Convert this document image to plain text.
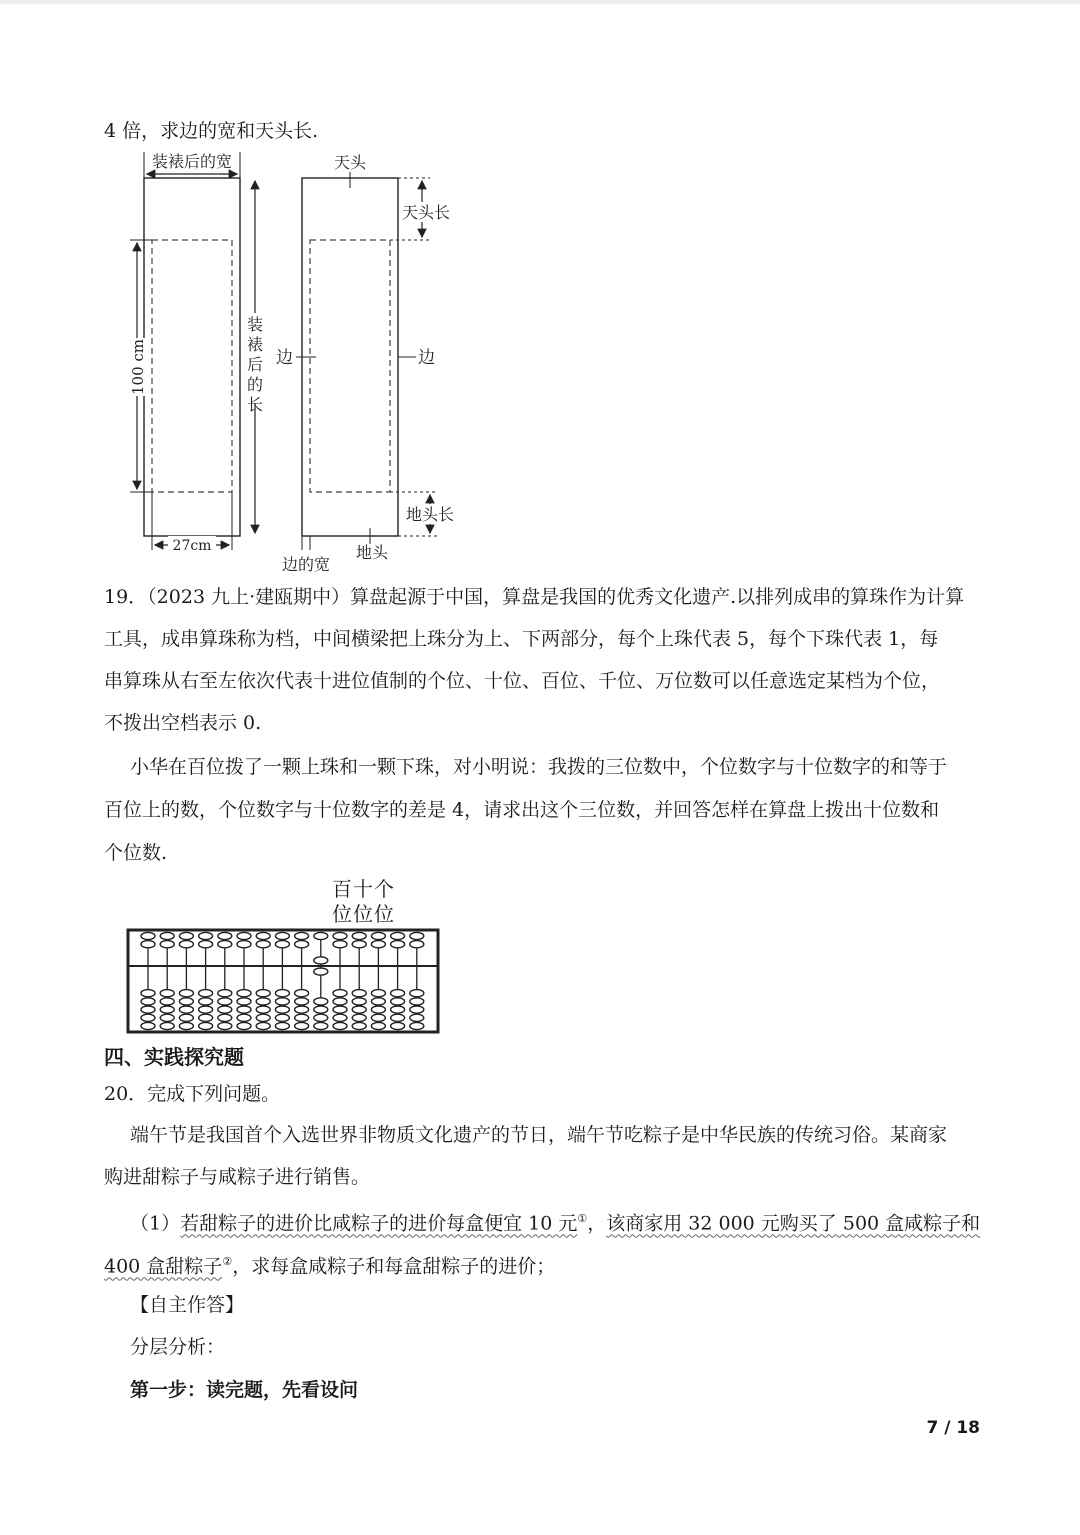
4 倍，求边的宽和天头长.
装裱后的宽
100 cm
装裱后的长
27cm
天头
天头长
边	边
地头长
地头
边的宽
19．（2023 九上·建瓯期中）算盘起源于中国，算盘是我国的优秀文化遗产.以排列成串的算珠作为计算
工具，成串算珠称为档，中间横梁把上珠分为上、下两部分，每个上珠代表 5，每个下珠代表 1，每
串算珠从右至左依次代表十进位值制的个位、十位、百位、千位、万位数可以任意选定某档为个位，
不拨出空档表示 0.
小华在百位拨了一颗上珠和一颗下珠，对小明说：我拨的三位数中，个位数字与十位数字的和等于
百位上的数，个位数字与十位数字的差是 4，请求出这个三位数，并回答怎样在算盘上拨出十位数和
个位数.
百十个
位位位
四、实践探究题
20．完成下列问题。
端午节是我国首个入选世界非物质文化遗产的节日，端午节吃粽子是中华民族的传统习俗。某商家
购进甜粽子与咸粽子进行销售。
（1）若甜粽子的进价比咸粽子的进价每盒便宜 10 元①，该商家用 32 000 元购买了 500 盒咸粽子和
400 盒甜粽子②，求每盒咸粽子和每盒甜粽子的进价；
【自主作答】
分层分析：
第一步：读完题，先看设问
7 / 18
